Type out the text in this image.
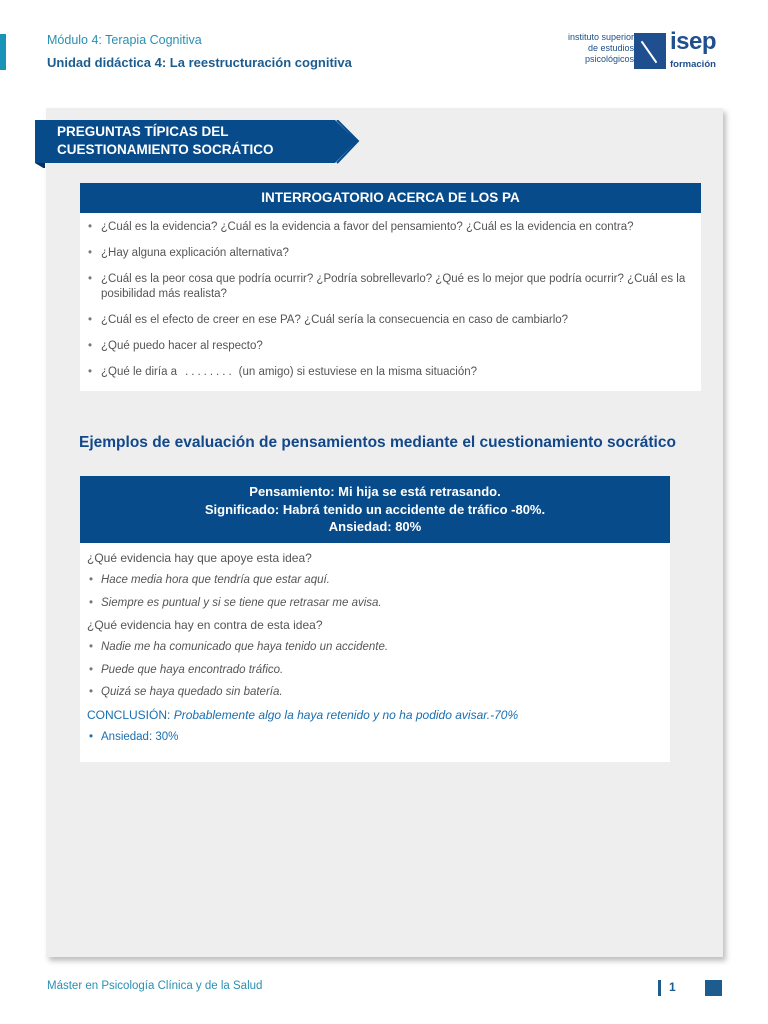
Módulo 4: Terapia Cognitiva
Unidad didáctica 4: La reestructuración cognitiva
instituto superior
de estudios
psicológicos
isep
formación
PREGUNTAS TÍPICAS DEL
CUESTIONAMIENTO SOCRÁTICO
INTERROGATORIO ACERCA DE LOS PA
• ¿Cuál es la evidencia? ¿Cuál es la evidencia a favor del pensamiento? ¿Cuál es la evidencia en contra?
• ¿Hay alguna explicación alternativa?
• ¿Cuál es la peor cosa que podría ocurrir? ¿Podría sobrellevarlo? ¿Qué es lo mejor que podría ocurrir? ¿Cuál es la posibilidad más realista?
• ¿Cuál es el efecto de creer en ese PA? ¿Cuál sería la consecuencia en caso de cambiarlo?
• ¿Qué puedo hacer al respecto?
• ¿Qué le diría a ........ (un amigo) si estuviese en la misma situación?
Ejemplos de evaluación de pensamientos mediante el cuestionamiento socrático
Pensamiento: Mi hija se está retrasando.
Significado: Habrá tenido un accidente de tráfico -80%.
Ansiedad: 80%
¿Qué evidencia hay que apoye esta idea?
• Hace media hora que tendría que estar aquí.
• Siempre es puntual y si se tiene que retrasar me avisa.
¿Qué evidencia hay en contra de esta idea?
• Nadie me ha comunicado que haya tenido un accidente.
• Puede que haya encontrado tráfico.
• Quizá se haya quedado sin batería.
CONCLUSIÓN: Probablemente algo la haya retenido y no ha podido avisar.-70%
• Ansiedad: 30%
Máster en Psicología Clínica y de la Salud	1
